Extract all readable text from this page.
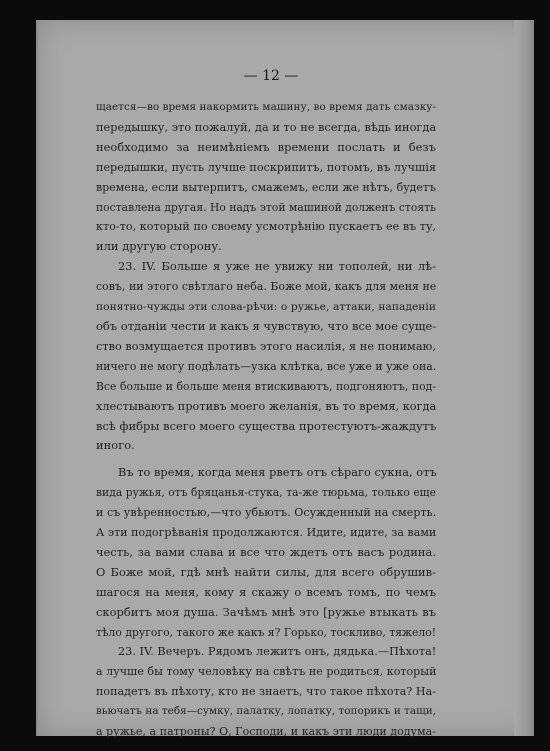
— 12 —
щается—во время накормить машину, во время дать смазку-
передышку, это пожалуй, да и то не всегда, вѣдь иногда
необходимо за неимѣнiемъ времени послать и безъ
передышки, пусть лучше поскрипитъ, потомъ, въ лучшiя
времена, если вытерпитъ, смажемъ, если же нѣтъ, будетъ
поставлена другая. Но надъ этой машиной долженъ стоять
кто-то, который по своему усмотрѣнiю пускаетъ ее въ ту,
или другую сторону.
23. IV. Больше я уже не увижу ни тополей, ни лѣ-
совъ, ни этого свѣтлаго неба. Боже мой, какъ для меня не
понятно-чужды эти слова-рѣчи: о ружье, аттаки, нападенiи
объ отданiи чести и какъ я чувствую, что все мое суще-
ство возмущается противъ этого насилiя, я не понимаю,
ничего не могу подѣлать—узка клѣтка, все уже и уже она.
Все больше и больше меня втискиваютъ, подгоняютъ, под-
хлестываютъ противъ моего желанiя, въ то время, когда
всѣ фибры всего моего существа протестуютъ-жаждутъ
иного.
Въ то время, когда меня рветъ отъ сѣраго сукна, отъ
вида ружья, отъ бряцанья-стука, та-же тюрьма, только еще
и съ увѣренностью,—что убьютъ. Осужденный на смерть.
А эти подогрѣванiя продолжаются. Идите, идите, за вами
честь, за вами слава и все что ждетъ отъ васъ родина.
О Боже мой, гдѣ мнѣ найти силы, для всего обрушив-
шагося на меня, кому я скажу о всемъ томъ, по чемъ
скорбитъ моя душа. Зачѣмъ мнѣ это [ружье втыкать въ
тѣло другого, такого же какъ я? Горько, тоскливо, тяжело!
23. IV. Вечеръ. Рядомъ лежитъ онъ, дядька.—Пѣхота!
а лучше бы тому человѣку на свѣтъ не родиться, который
попадетъ въ пѣхоту, кто не знаетъ, что такое пѣхота? На-
вьючатъ на тебя—сумку, палатку, лопатку, топорикъ и тащи,
а ружье, а патроны? О, Господи, и какъ эти люди додума-
